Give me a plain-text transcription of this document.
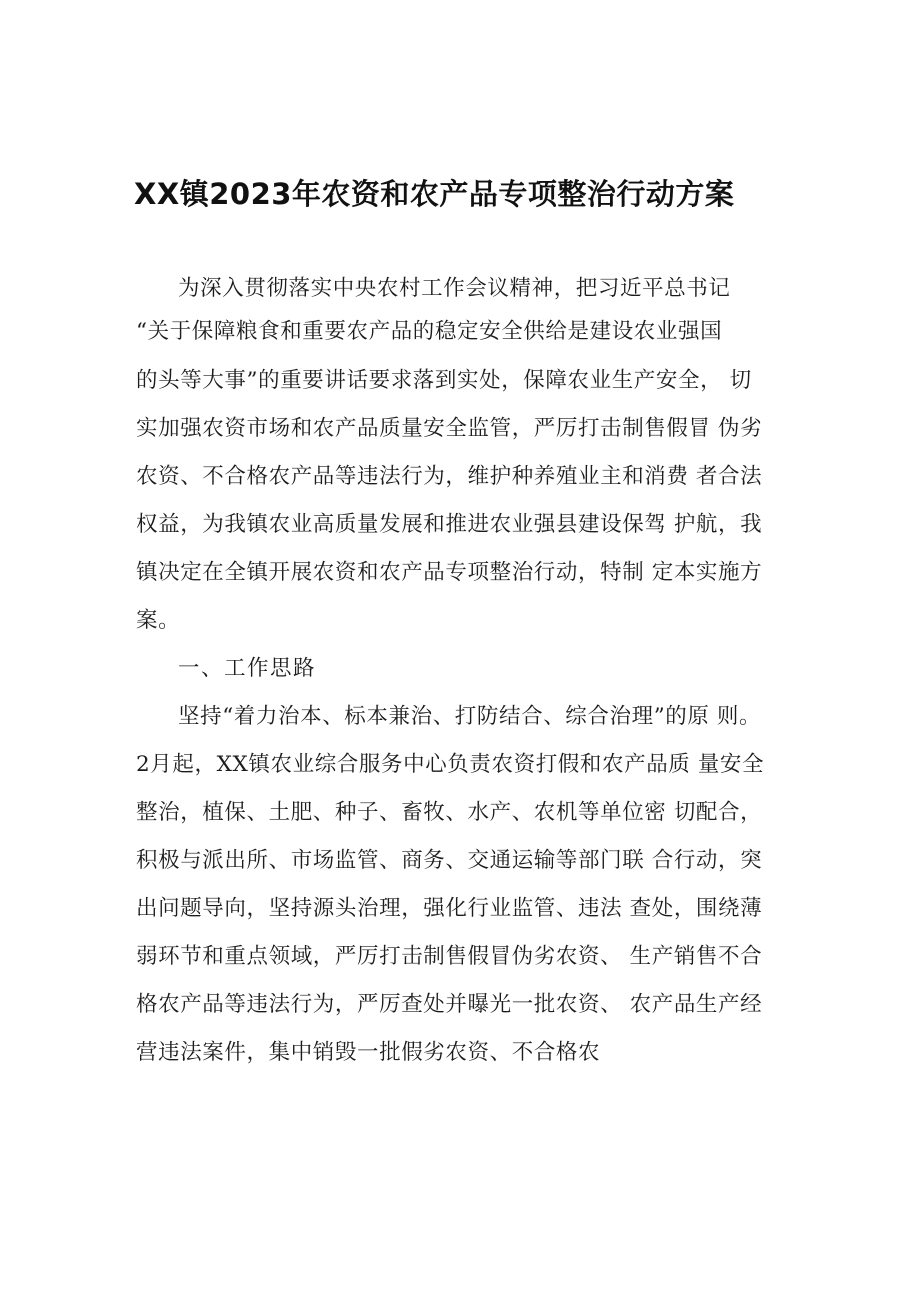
XX镇2023年农资和农产品专项整治行动方案
为深入贯彻落实中央农村工作会议精神，把习近平总书记
“关于保障粮食和重要农产品的稳定安全供给是建设农业强国
的头等大事”的重要讲话要求落到实处，保障农业生产安全， 切
实加强农资市场和农产品质量安全监管，严厉打击制售假冒 伪劣
农资、不合格农产品等违法行为，维护种养殖业主和消费 者合法
权益，为我镇农业高质量发展和推进农业强县建设保驾 护航，我
镇决定在全镇开展农资和农产品专项整治行动，特制 定本实施方
案。
一、工作思路
坚持“着力治本、标本兼治、打防结合、综合治理”的原 则。
2月起，XX镇农业综合服务中心负责农资打假和农产品质 量安全
整治，植保、土肥、种子、畜牧、水产、农机等单位密 切配合，
积极与派出所、市场监管、商务、交通运输等部门联 合行动，突
出问题导向，坚持源头治理，强化行业监管、违法 查处，围绕薄
弱环节和重点领域，严厉打击制售假冒伪劣农资、 生产销售不合
格农产品等违法行为，严厉查处并曝光一批农资、 农产品生产经
营违法案件，集中销毁一批假劣农资、不合格农
